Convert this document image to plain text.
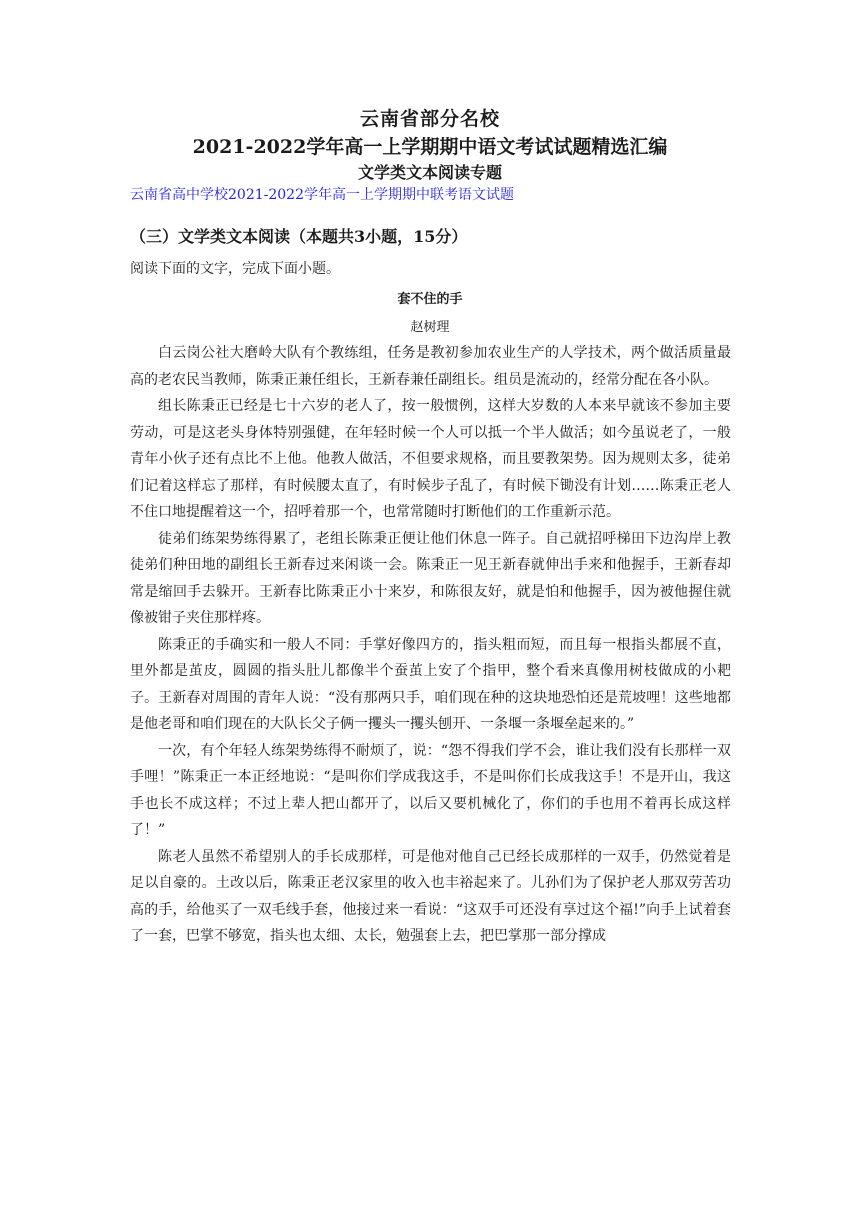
云南省部分名校
2021-2022学年高一上学期期中语文考试试题精选汇编
文学类文本阅读专题
云南省高中学校2021-2022学年高一上学期期中联考语文试题
（三）文学类文本阅读（本题共3小题，15分）
阅读下面的文字，完成下面小题。
套不住的手
赵树理

白云岗公社大磨岭大队有个教练组，任务是教初参加农业生产的人学技术，两个做活质量最高的老农民当教师，陈秉正兼任组长，王新春兼任副组长。组员是流动的，经常分配在各小队。

组长陈秉正已经是七十六岁的老人了，按一般惯例，这样大岁数的人本来早就该不参加主要劳动，可是这老头身体特别强健，在年轻时候一个人可以抵一个半人做活；如今虽说老了，一般青年小伙子还有点比不上他。他教人做活，不但要求规格，而且要教架势。因为规则太多，徒弟们记着这样忘了那样，有时候腰太直了，有时候步子乱了，有时候下锄没有计划……陈秉正老人不住口地提醒着这一个，招呼着那一个，也常常随时打断他们的工作重新示范。

徒弟们练架势练得累了，老组长陈秉正便让他们休息一阵子。自己就招呼梯田下边沟岸上教徒弟们种田地的副组长王新春过来闲谈一会。陈秉正一见王新春就伸出手来和他握手，王新春却常是缩回手去躲开。王新春比陈秉正小十来岁，和陈很友好，就是怕和他握手，因为被他握住就像被钳子夹住那样疼。

陈秉正的手确实和一般人不同：手掌好像四方的，指头粗而短，而且每一根指头都展不直，里外都是茧皮，圆圆的指头肚儿都像半个蚕茧上安了个指甲，整个看来真像用树枝做成的小耙子。王新春对周围的青年人说：“没有那两只手，咱们现在种的这块地恐怕还是荒坡哩！这些地都是他老哥和咱们现在的大队长父子俩一攫头一攫头刨开、一条堰一条堰垒起来的。”

一次，有个年轻人练架势练得不耐烦了，说：“怨不得我们学不会，谁让我们没有长那样一双手哩！”陈秉正一本正经地说：“是叫你们学成我这手，不是叫你们长成我这手！不是开山，我这手也长不成这样；不过上辈人把山都开了，以后又要机械化了，你们的手也用不着再长成这样了！”

陈老人虽然不希望别人的手长成那样，可是他对他自己已经长成那样的一双手，仍然觉着是足以自豪的。土改以后，陈秉正老汉家里的收入也丰裕起来了。儿孙们为了保护老人那双劳苦功高的手，给他买了一双毛线手套，他接过来一看说：“这双手可还没有享过这个福!”向手上试着套了一套，巴掌不够宽，指头也太细、太长，勉强套上去，把巴掌那一部分撑成
